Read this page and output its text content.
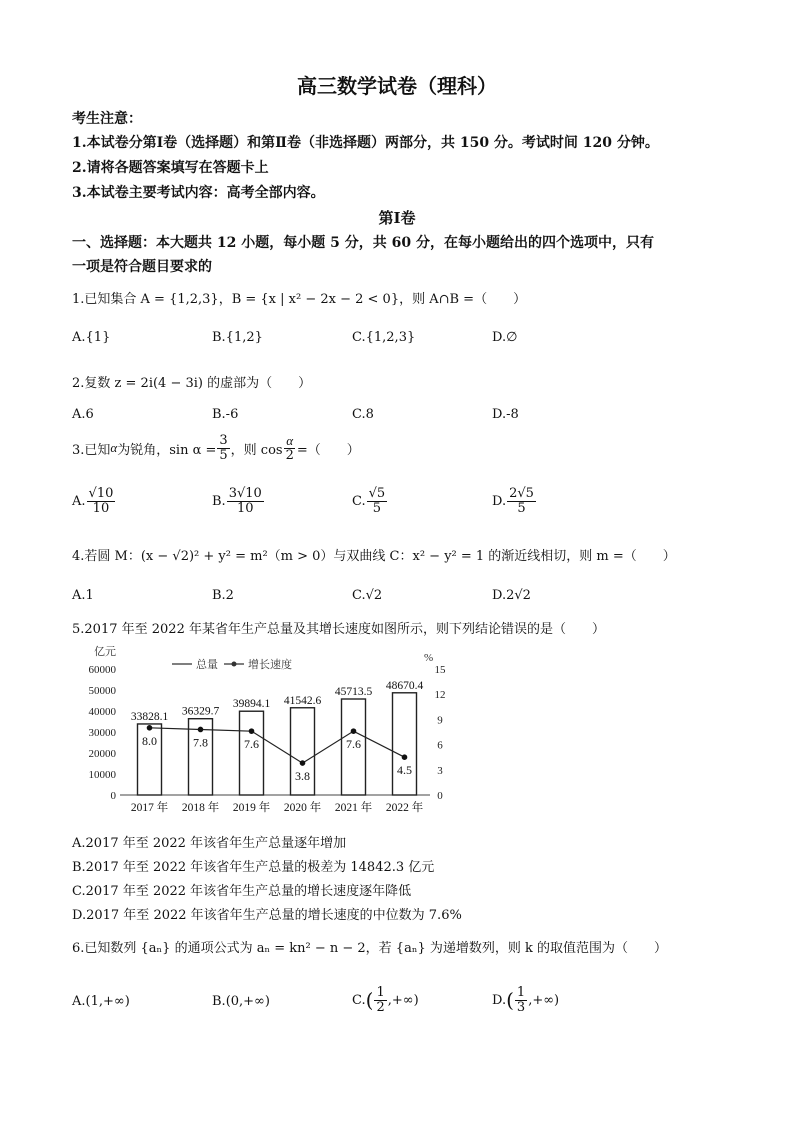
高三数学试卷（理科）
考生注意：
1.本试卷分第Ⅰ卷（选择题）和第Ⅱ卷（非选择题）两部分，共 150 分。考试时间 120 分钟。
2.请将各题答案填写在答题卡上
3.本试卷主要考试内容：高考全部内容。
第Ⅰ卷
一、选择题：本大题共 12 小题，每小题 5 分，共 60 分，在每小题给出的四个选项中，只有
一项是符合题目要求的
1.已知集合 A = {1,2,3}，B = {x | x² − 2x − 2 < 0}，则 A∩B =（　　）
A.{1}	B.{1,2}	C.{1,2,3}	D.∅
2.复数 z = 2i(4 − 3i) 的虚部为（　　）
A.6	B.-6	C.8	D.-8
3.已知 α 为锐角，$\sin \alpha = \frac{3}{5}$ ，则 $\cos \frac{\alpha}{2}$ =（　　）
A. $\frac{√10}{10}$	B. $\frac{3√10}{10}$	C. $\frac{√5}{5}$	D. $\frac{2√5}{5}$
4.若圆 M：(x − √2)² + y² = m²（m > 0）与双曲线 C：x² − y² = 1 的渐近线相切，则 m =（　　）
A.1	B.2	C.√2	D.2√2
5.2017 年至 2022 年某省年生产总量及其增长速度如图所示，则下列结论错误的是（　　）
亿元	%
总量	增长速度
60000
50000
40000
30000
20000
10000
0
15
12
9
6
3
0
33828.1
2017 年
36329.7
2018 年
39894.1
2019 年
41542.6
2020 年
45713.5
2021 年
48670.4
2022 年
8.0	7.8	7.6
3.8
7.6
4.5
A.2017 年至 2022 年该省年生产总量逐年增加
B.2017 年至 2022 年该省年生产总量的极差为 14842.3 亿元
C.2017 年至 2022 年该省年生产总量的增长速度逐年降低
D.2017 年至 2022 年该省年生产总量的增长速度的中位数为 7.6%
6.已知数列 {aₙ} 的通项公式为 aₙ = kn² − n − 2，若 {aₙ} 为递增数列，则 k 的取值范围为（　　）
A. (1,+∞)	B. (0,+∞)	C. ( $\frac{1}{2}$ ,+∞)	D. ( $\frac{1}{3}$ ,+∞)
